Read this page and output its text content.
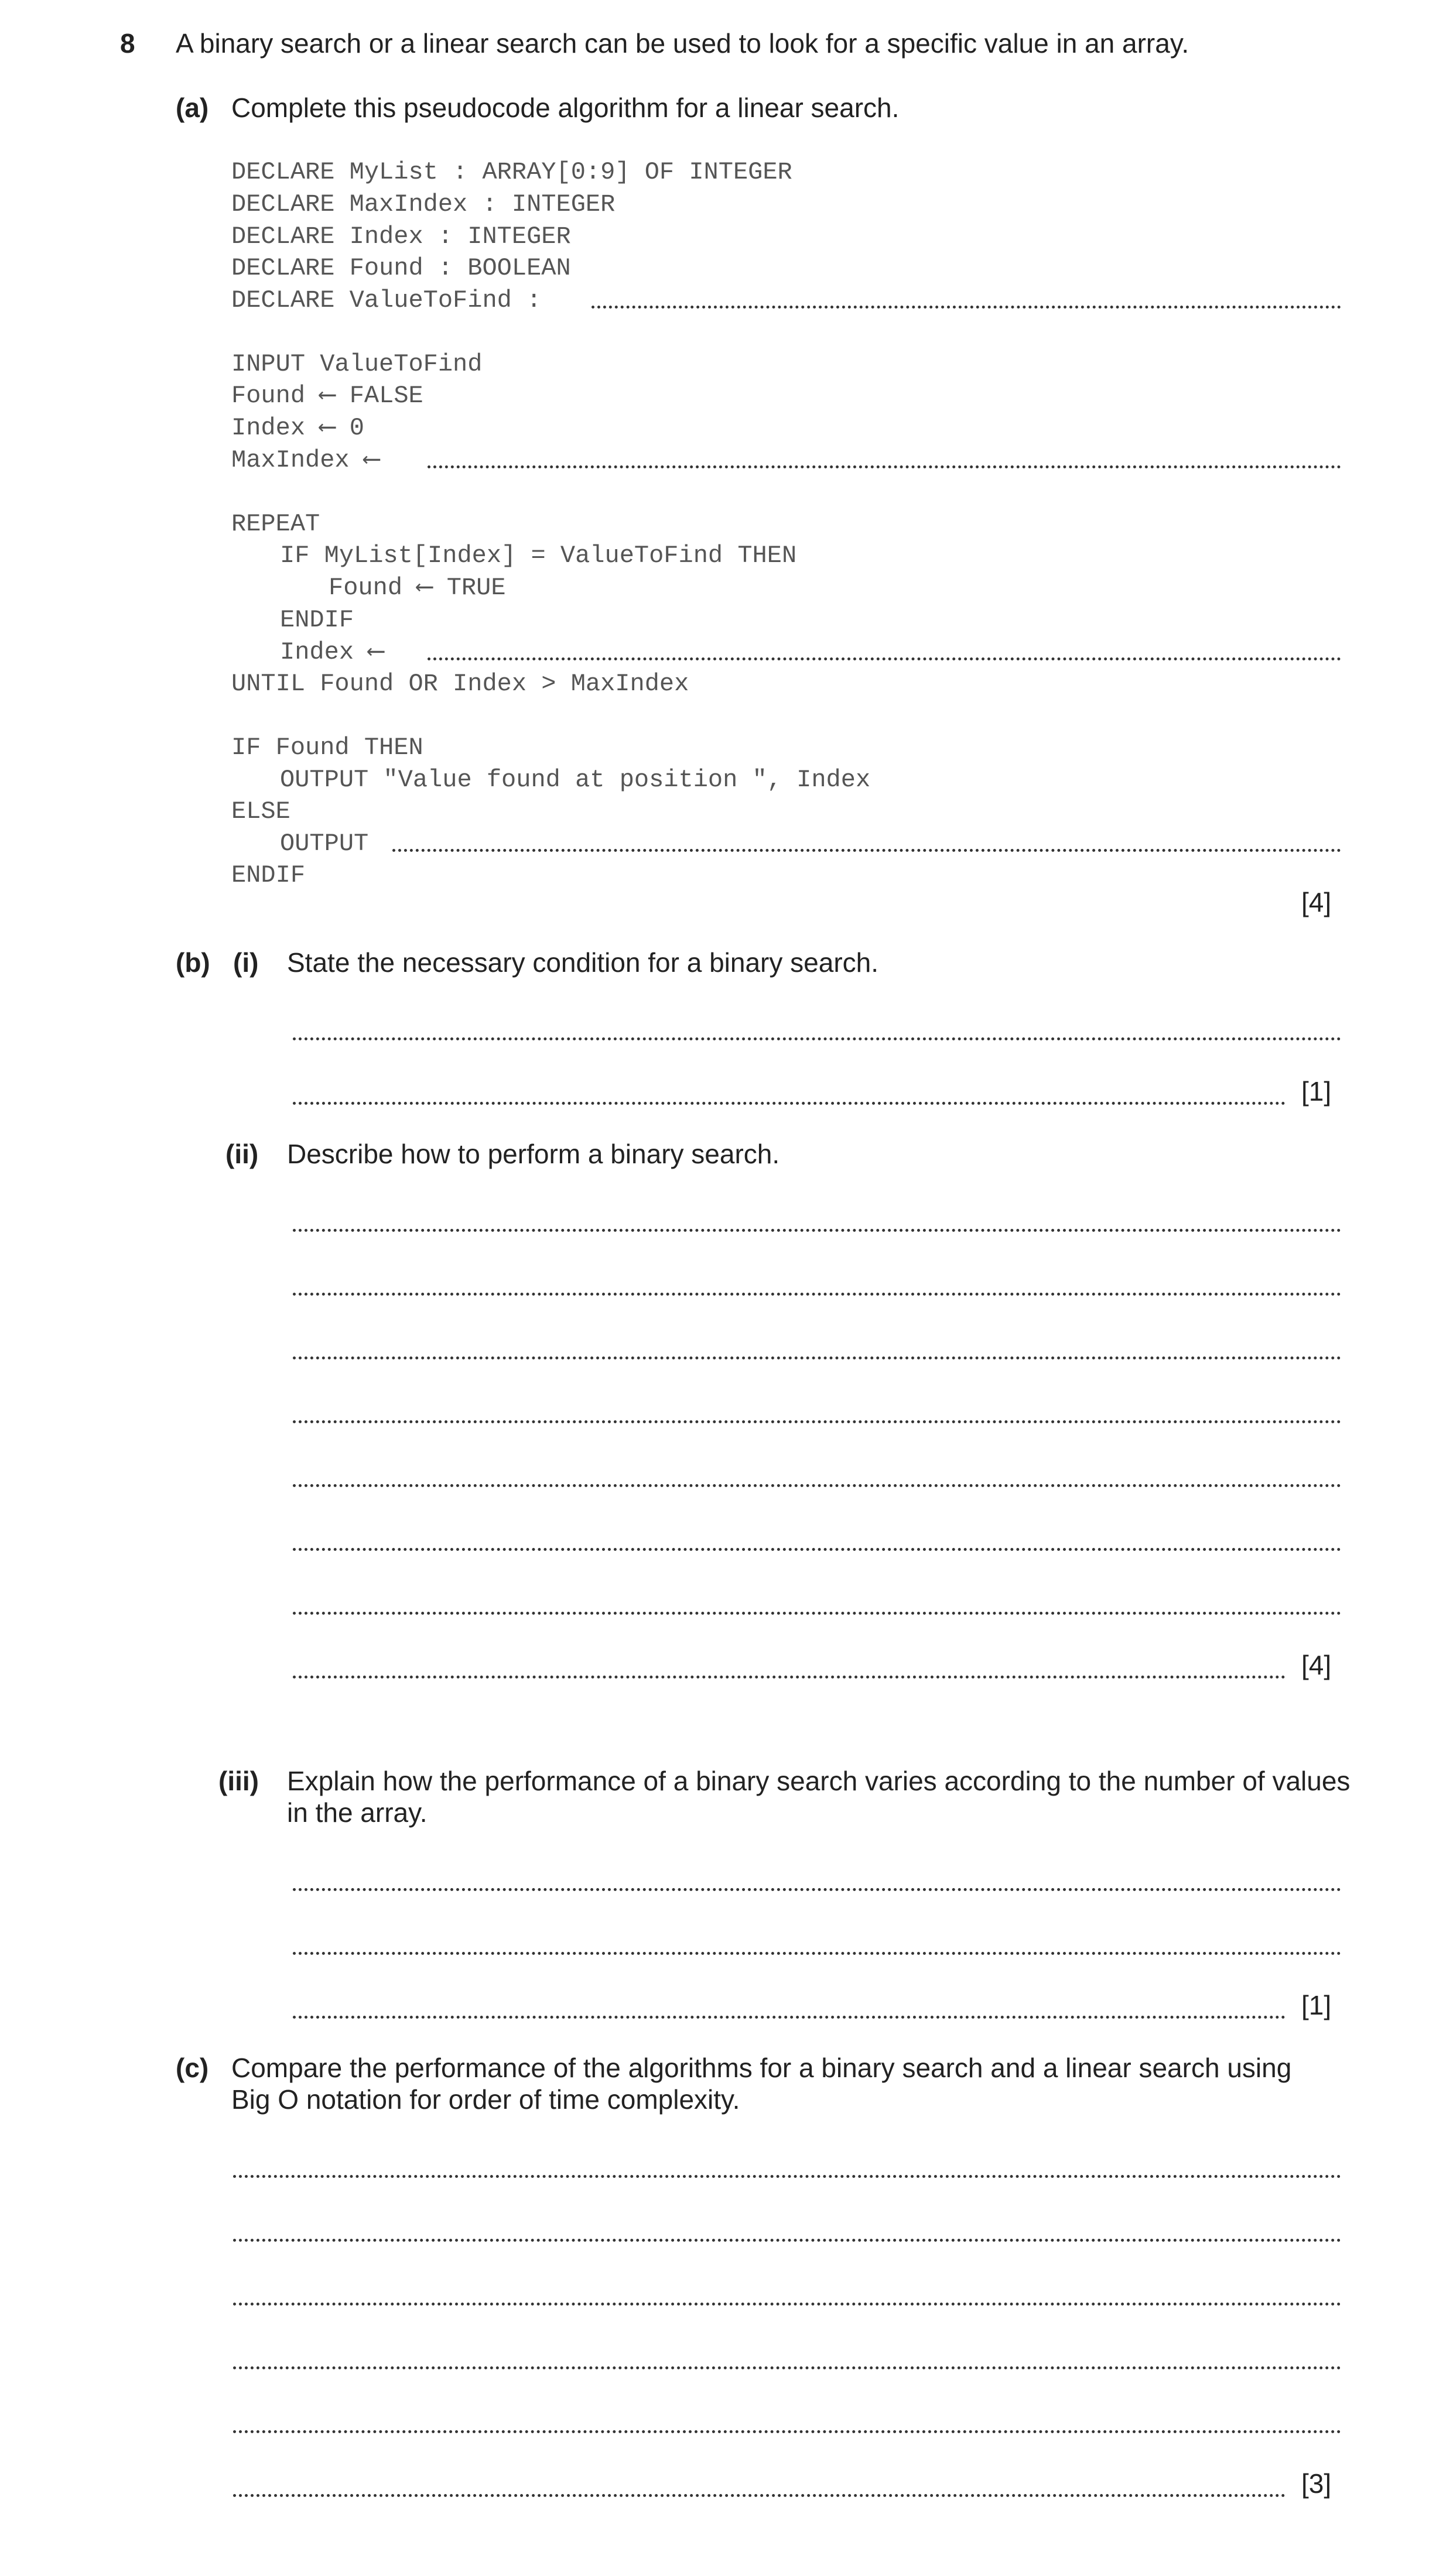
8 A binary search or a linear search can be used to look for a specific value in an array.
(a) Complete this pseudocode algorithm for a linear search.
DECLARE MyList : ARRAY[0:9] OF INTEGER
DECLARE MaxIndex : INTEGER
DECLARE Index : INTEGER
DECLARE Found : BOOLEAN
DECLARE ValueToFind :
INPUT ValueToFind
Found ⟵ FALSE
Index ⟵ 0
MaxIndex ⟵
REPEAT
IF MyList[Index] = ValueToFind THEN
Found ⟵ TRUE
ENDIF
Index ⟵
UNTIL Found OR Index > MaxIndex
IF Found THEN
OUTPUT "Value found at position ", Index
ELSE
OUTPUT
ENDIF
[4]
(b) (i) State the necessary condition for a binary search.
[1]
(ii) Describe how to perform a binary search.
[4]
(iii) Explain how the performance of a binary search varies according to the number of values
in the array.
[1]
(c) Compare the performance of the algorithms for a binary search and a linear search using
Big O notation for order of time complexity.
[3]
